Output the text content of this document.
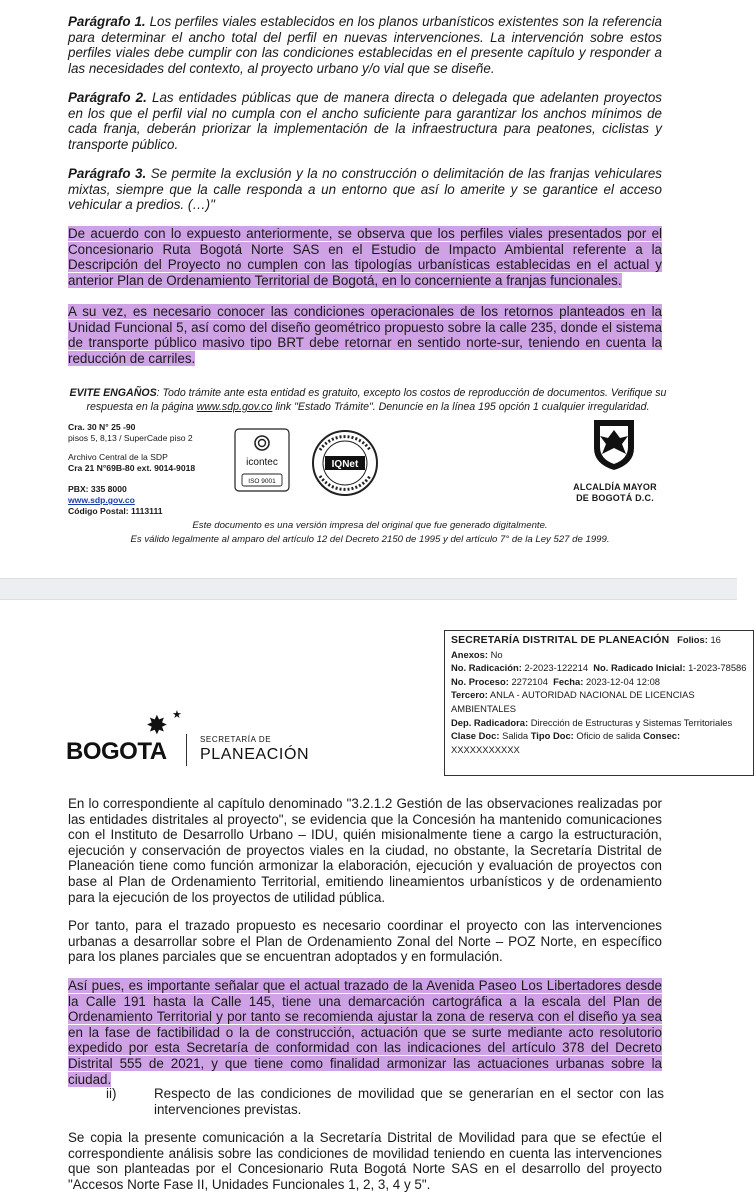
Parágrafo 1. Los perfiles viales establecidos en los planos urbanísticos existentes son la referencia para determinar el ancho total del perfil en nuevas intervenciones. La intervención sobre estos perfiles viales debe cumplir con las condiciones establecidas en el presente capítulo y responder a las necesidades del contexto, al proyecto urbano y/o vial que se diseñe.

Parágrafo 2. Las entidades públicas que de manera directa o delegada que adelanten proyectos en los que el perfil vial no cumpla con el ancho suficiente para garantizar los anchos mínimos de cada franja, deberán priorizar la implementación de la infraestructura para peatones, ciclistas y transporte público.

Parágrafo 3. Se permite la exclusión y la no construcción o delimitación de las franjas vehiculares mixtas, siempre que la calle responda a un entorno que así lo amerite y se garantice el acceso vehicular a predios. (…)"

De acuerdo con lo expuesto anteriormente, se observa que los perfiles viales presentados por el Concesionario Ruta Bogotá Norte SAS en el Estudio de Impacto Ambiental referente a la Descripción del Proyecto no cumplen con las tipologías urbanísticas establecidas en el actual y anterior Plan de Ordenamiento Territorial de Bogotá, en lo concerniente a franjas funcionales.

A su vez, es necesario conocer las condiciones operacionales de los retornos planteados en la Unidad Funcional 5, así como del diseño geométrico propuesto sobre la calle 235, donde el sistema de transporte público masivo tipo BRT debe retornar en sentido norte-sur, teniendo en cuenta la reducción de carriles.

EVITE ENGAÑOS: Todo trámite ante esta entidad es gratuito, excepto los costos de reproducción de documentos. Verifique su respuesta en la página www.sdp.gov.co link "Estado Trámite". Denuncie en la línea 195 opción 1 cualquier irregularidad.
Cra. 30 N° 25 -90
pisos 5, 8,13 / SuperCade piso 2
Archivo Central de la SDP
Cra 21 N°69B-80 ext. 9014-9018
PBX: 335 8000
www.sdp.gov.co
Código Postal: 1113111
icontec
ISO 9001
IQNet
ALCALDÍA MAYOR
DE BOGOTÁ D.C.
Este documento es una versión impresa del original que fue generado digitalmente.
Es válido legalmente al amparo del artículo 12 del Decreto 2150 de 1995 y del artículo 7° de la Ley 527 de 1999.
✸ ★
BOGOTA	SECRETARÍA DE
PLANEACIÓN
SECRETARÍA DISTRITAL DE PLANEACIÓN Folios: 16
Anexos: No
No. Radicación: 2-2023-122214 No. Radicado Inicial: 1-2023-78586
No. Proceso: 2272104 Fecha: 2023-12-04 12:08
Tercero: ANLA - AUTORIDAD NACIONAL DE LICENCIAS AMBIENTALES
Dep. Radicadora: Dirección de Estructuras y Sistemas Territoriales
Clase Doc: Salida Tipo Doc: Oficio de salida Consec: XXXXXXXXXXX

En lo correspondiente al capítulo denominado "3.2.1.2 Gestión de las observaciones realizadas por las entidades distritales al proyecto", se evidencia que la Concesión ha mantenido comunicaciones con el Instituto de Desarrollo Urbano – IDU, quién misionalmente tiene a cargo la estructuración, ejecución y conservación de proyectos viales en la ciudad, no obstante, la Secretaría Distrital de Planeación tiene como función armonizar la elaboración, ejecución y evaluación de proyectos con base al Plan de Ordenamiento Territorial, emitiendo lineamientos urbanísticos y de ordenamiento para la ejecución de los proyectos de utilidad pública.

Por tanto, para el trazado propuesto es necesario coordinar el proyecto con las intervenciones urbanas a desarrollar sobre el Plan de Ordenamiento Zonal del Norte – POZ Norte, en específico para los planes parciales que se encuentran adoptados y en formulación.

Así pues, es importante señalar que el actual trazado de la Avenida Paseo Los Libertadores desde la Calle 191 hasta la Calle 145, tiene una demarcación cartográfica a la escala del Plan de Ordenamiento Territorial y por tanto se recomienda ajustar la zona de reserva con el diseño ya sea en la fase de factibilidad o la de construcción, actuación que se surte mediante acto resolutorio expedido por esta Secretaría de conformidad con las indicaciones del artículo 378 del Decreto Distrital 555 de 2021, y que tiene como finalidad armonizar las actuaciones urbanas sobre la ciudad.

ii)	Respecto de las condiciones de movilidad que se generarían en el sector con las intervenciones previstas.

Se copia la presente comunicación a la Secretaría Distrital de Movilidad para que se efectúe el correspondiente análisis sobre las condiciones de movilidad teniendo en cuenta las intervenciones que son planteadas por el Concesionario Ruta Bogotá Norte SAS en el desarrollo del proyecto "Accesos Norte Fase II, Unidades Funcionales 1, 2, 3, 4 y 5".
